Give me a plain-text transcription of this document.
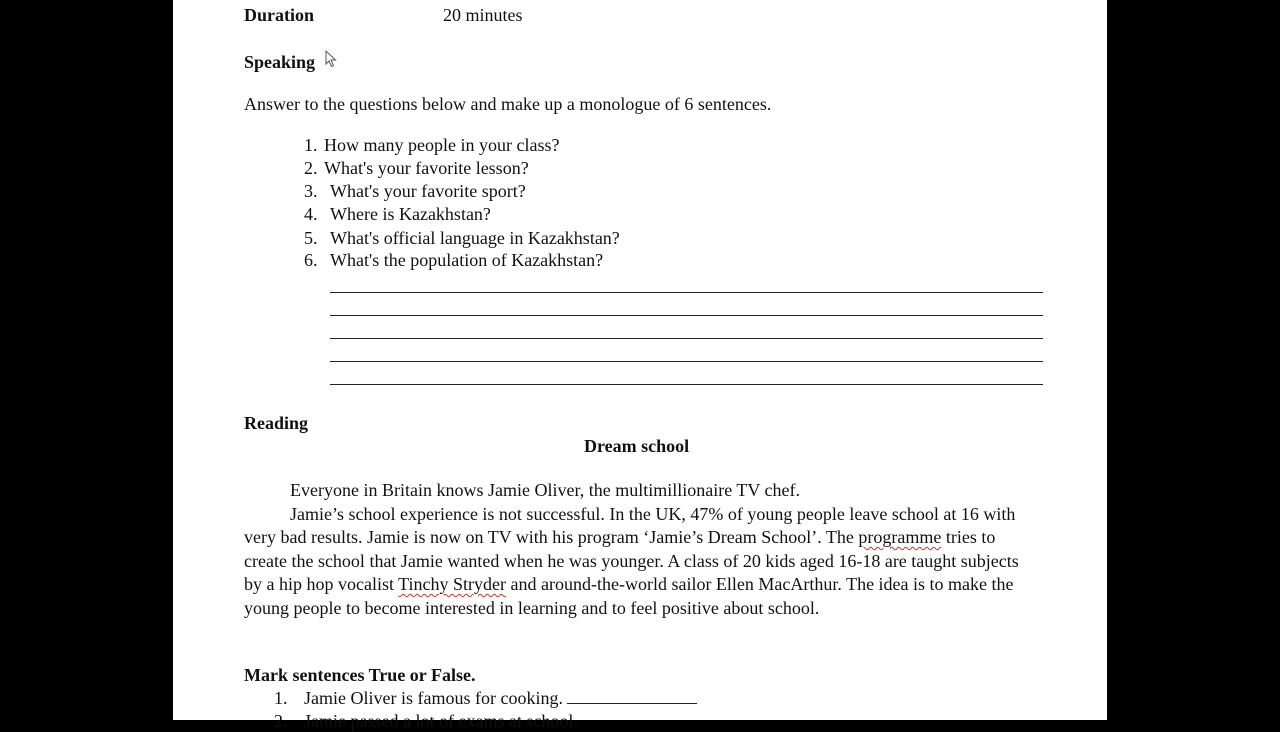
Duration	20 minutes
Speaking
Answer to the questions below and make up a monologue of 6 sentences.
1. How many people in your class?
2. What's your favorite lesson?
3. What's your favorite sport?
4. Where is Kazakhstan?
5. What's official language in Kazakhstan?
6. What's the population of Kazakhstan?
Reading
Dream school

Everyone in Britain knows Jamie Oliver, the multimillionaire TV chef.

Jamie’s school experience is not successful. In the UK, 47% of young people leave school at 16 with very bad results. Jamie is now on TV with his program ‘Jamie’s Dream School’. The programme tries to create the school that Jamie wanted when he was younger. A class of 20 kids aged 16-18 are taught subjects by a hip hop vocalist Tinchy Stryder and around-the-world sailor Ellen MacArthur. The idea is to make the young people to become interested in learning and to feel positive about school.

Mark sentences True or False.
1. Jamie Oliver is famous for cooking.
2. Jamie passed a lot of exams at school.
